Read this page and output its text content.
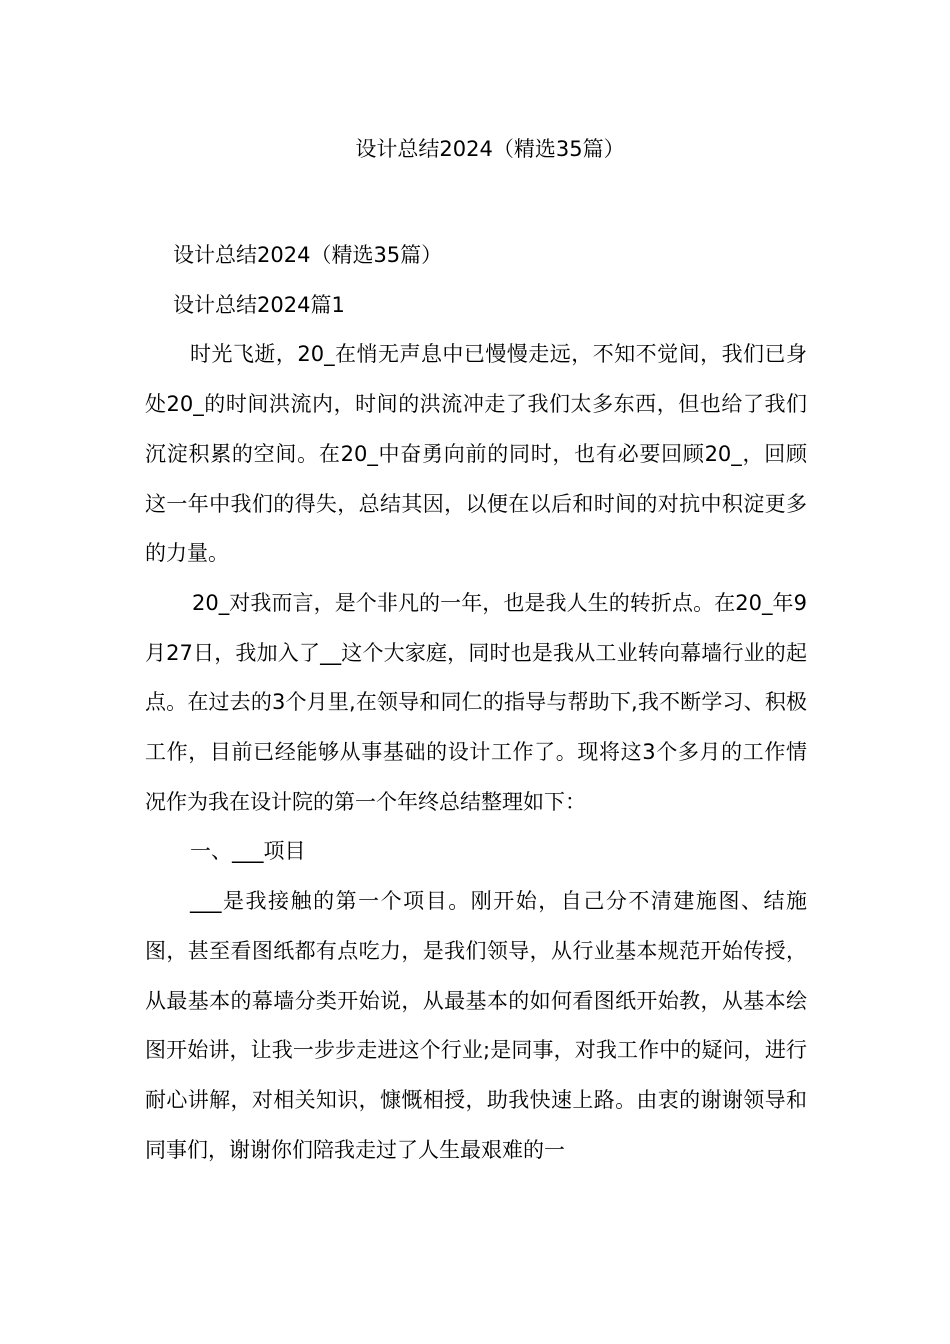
设计总结2024（精选35篇）

设计总结2024（精选35篇）

设计总结2024篇1

时光飞逝，20_在悄无声息中已慢慢走远，不知不觉间，我们已身处20_的时间洪流内，时间的洪流冲走了我们太多东西，但也给了我们沉淀积累的空间。在20_中奋勇向前的同时，也有必要回顾20_，回顾这一年中我们的得失，总结其因，以便在以后和时间的对抗中积淀更多的力量。

20_对我而言，是个非凡的一年，也是我人生的转折点。在20_年9月27日，我加入了__这个大家庭，同时也是我从工业转向幕墙行业的起点。在过去的3个月里,在领导和同仁的指导与帮助下,我不断学习、积极工作，目前已经能够从事基础的设计工作了。现将这3个多月的工作情况作为我在设计院的第一个年终总结整理如下：

一、___项目

___是我接触的第一个项目。刚开始，自己分不清建施图、结施图，甚至看图纸都有点吃力，是我们领导，从行业基本规范开始传授，从最基本的幕墙分类开始说，从最基本的如何看图纸开始教，从基本绘图开始讲，让我一步步走进这个行业;是同事，对我工作中的疑问，进行耐心讲解，对相关知识，慷慨相授，助我快速上路。由衷的谢谢领导和同事们，谢谢你们陪我走过了人生最艰难的一
